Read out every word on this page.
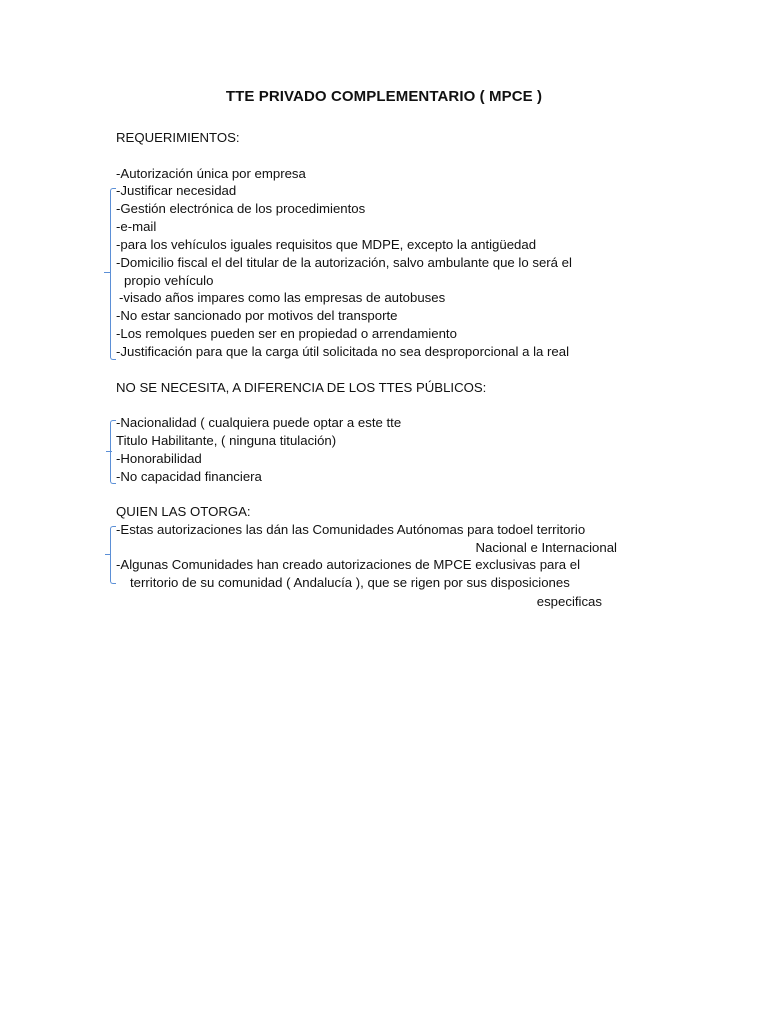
TTE PRIVADO COMPLEMENTARIO ( MPCE )
REQUERIMIENTOS:
-Autorización única por empresa
-Justificar necesidad
-Gestión electrónica de los procedimientos
-e-mail
-para los vehículos iguales requisitos que MDPE, excepto la antigüedad
-Domicilio fiscal el del titular de la autorización, salvo ambulante que lo será el
propio vehículo
-visado años impares como las empresas de autobuses
-No estar sancionado por motivos del transporte
-Los remolques pueden ser en propiedad o arrendamiento
-Justificación para que la carga útil solicitada no sea desproporcional a la real
NO SE NECESITA, A DIFERENCIA DE LOS TTES PÚBLICOS:
-Nacionalidad ( cualquiera puede optar a este tte
Titulo Habilitante, ( ninguna titulación)
-Honorabilidad
-No capacidad financiera
QUIEN LAS OTORGA:
-Estas autorizaciones las dán las Comunidades Autónomas para todoel territorio
Nacional e Internacional
-Algunas Comunidades han creado autorizaciones de MPCE exclusivas para el
territorio de su comunidad ( Andalucía ), que se rigen por sus disposiciones
especificas
